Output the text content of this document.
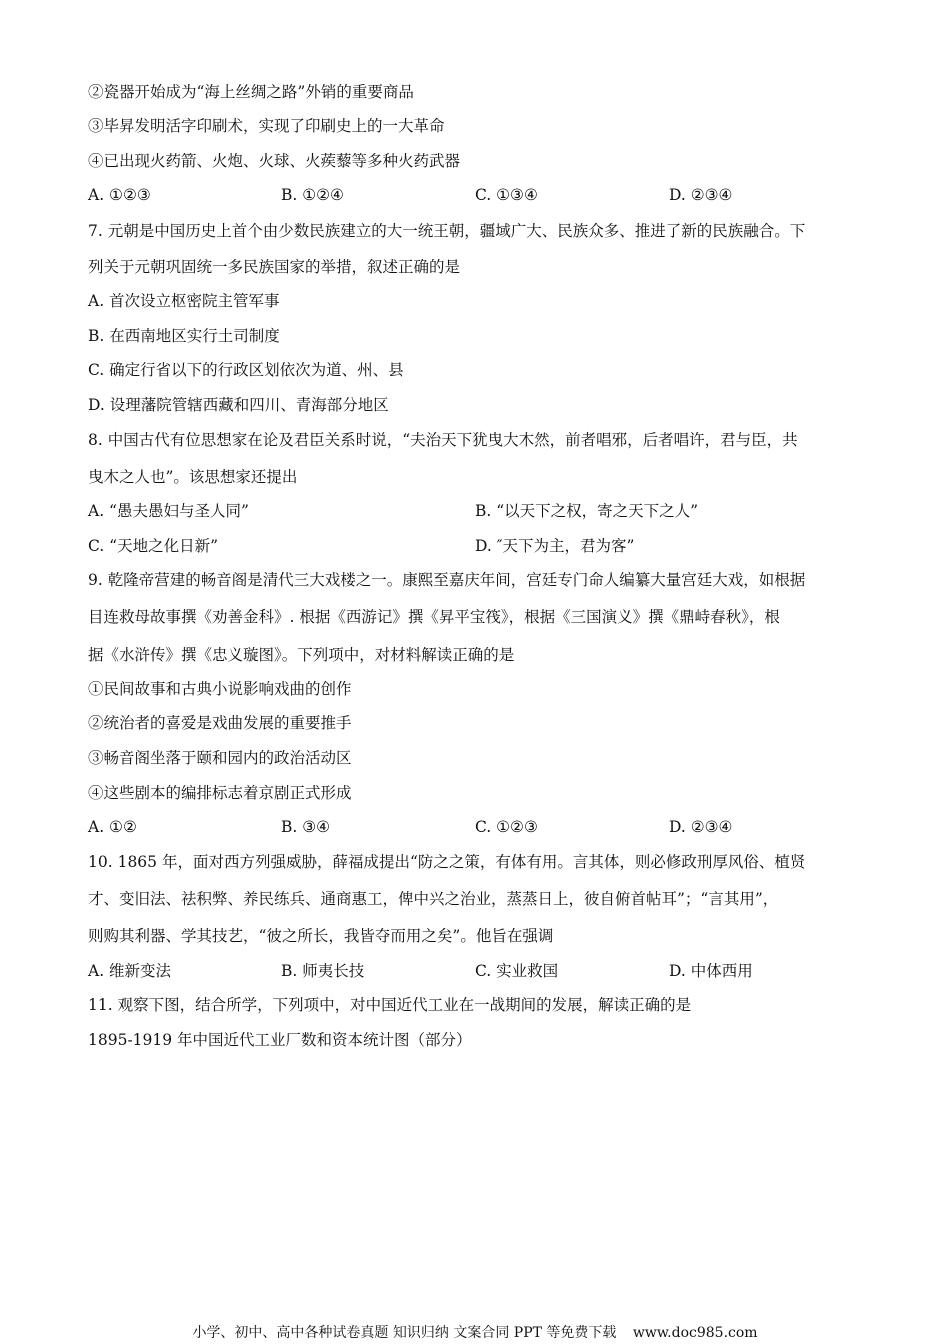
②瓷器开始成为“海上丝绸之路”外销的重要商品
③毕昇发明活字印刷术，实现了印刷史上的一大革命
④已出现火药箭、火炮、火球、火蒺藜等多种火药武器
A. ①②③	B. ①②④	C. ①③④	D. ②③④
7. 元朝是中国历史上首个由少数民族建立的大一统王朝，疆域广大、民族众多、推进了新的民族融合。下
列关于元朝巩固统一多民族国家的举措，叙述正确的是
A. 首次设立枢密院主管军事
B. 在西南地区实行土司制度
C. 确定行省以下的行政区划依次为道、州、县
D. 设理藩院管辖西藏和四川、青海部分地区
8. 中国古代有位思想家在论及君臣关系时说，“夫治天下犹曳大木然，前者唱邪，后者唱许，君与臣，共
曳木之人也”。该思想家还提出
A. “愚夫愚妇与圣人同”	B. “以天下之权，寄之天下之人”
C. “天地之化日新”	D. ″天下为主，君为客”
9. 乾隆帝营建的畅音阁是清代三大戏楼之一。康熙至嘉庆年间，宫廷专门命人编纂大量宫廷大戏，如根据
目连救母故事撰《劝善金科》. 根据《西游记》撰《昇平宝筏》，根据《三国演义》撰《鼎峙春秋》，根
据《水浒传》撰《忠义璇图》。下列项中，对材料解读正确的是
①民间故事和古典小说影响戏曲的创作
②统治者的喜爱是戏曲发展的重要推手
③畅音阁坐落于颐和园内的政治活动区
④这些剧本的编排标志着京剧正式形成
A. ①②	B. ③④	C. ①②③	D. ②③④
10. 1865 年，面对西方列强威胁，薛福成提出“防之之策，有体有用。言其体，则必修政刑厚风俗、植贤
才、变旧法、祛积弊、养民练兵、通商惠工，俾中兴之治业，蒸蒸日上，彼自俯首帖耳”；“言其用”，
则购其利器、学其技艺，“彼之所长，我皆夺而用之矣”。他旨在强调
A. 维新变法	B. 师夷长技	C. 实业救国	D. 中体西用
11. 观察下图，结合所学，下列项中，对中国近代工业在一战期间的发展，解读正确的是
1895-1919 年中国近代工业厂数和资本统计图（部分）
小学、初中、高中各种试卷真题 知识归纳 文案合同 PPT 等免费下载 www.doc985.com
